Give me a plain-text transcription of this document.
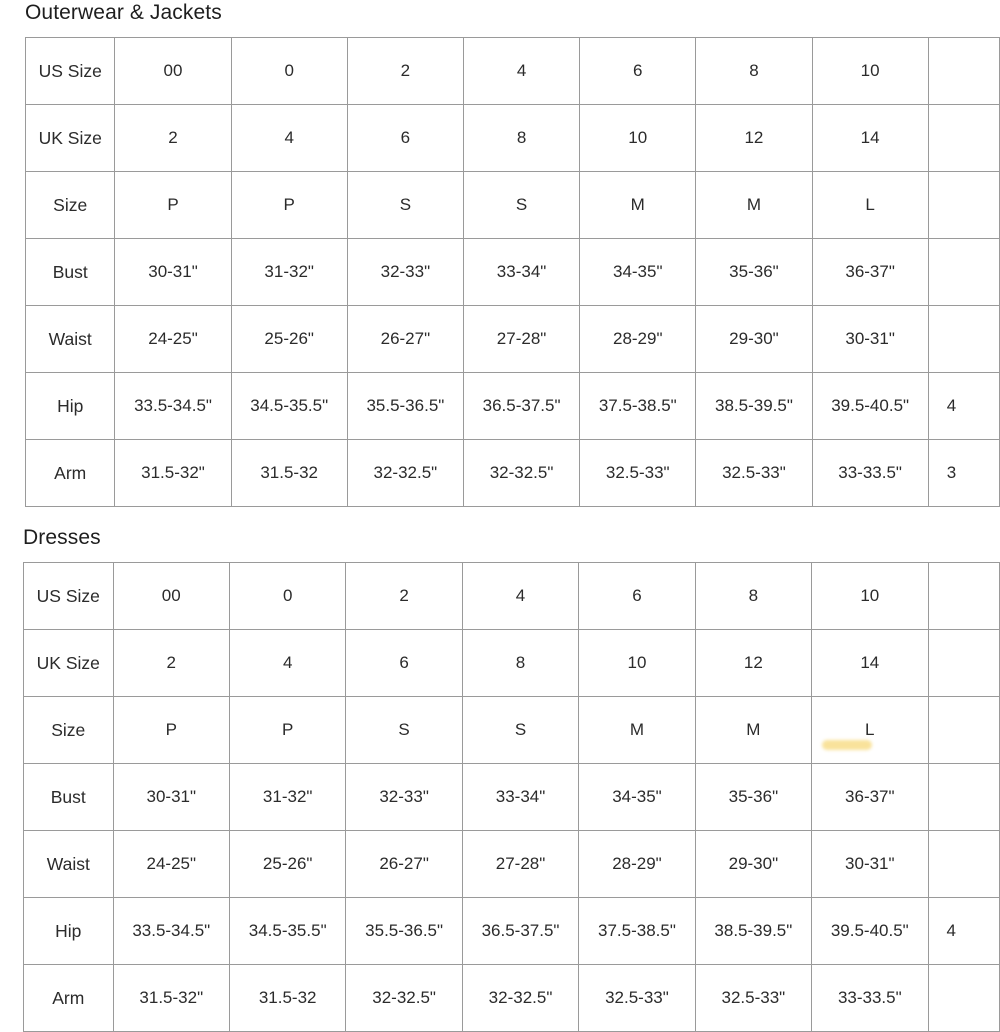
Outerwear & Jackets
US Size	00	0	2	4	6	8	10	
UK Size	2	4	6	8	10	12	14	
Size	P	P	S	S	M	M	L	
Bust	30-31"	31-32"	32-33"	33-34"	34-35"	35-36"	36-37"	
Waist	24-25"	25-26"	26-27"	27-28"	28-29"	29-30"	30-31"	
Hip	33.5-34.5"	34.5-35.5"	35.5-36.5"	36.5-37.5"	37.5-38.5"	38.5-39.5"	39.5-40.5"	4
Arm	31.5-32"	31.5-32	32-32.5"	32-32.5"	32.5-33"	32.5-33"	33-33.5"	3
Dresses
US Size	00	0	2	4	6	8	10	
UK Size	2	4	6	8	10	12	14	
Size	P	P	S	S	M	M	L

Bust	30-31"	31-32"	32-33"	33-34"	34-35"	35-36"	36-37"	
Waist	24-25"	25-26"	26-27"	27-28"	28-29"	29-30"	30-31"	
Hip	33.5-34.5"	34.5-35.5"	35.5-36.5"	36.5-37.5"	37.5-38.5"	38.5-39.5"	39.5-40.5"	4
Arm	31.5-32"	31.5-32	32-32.5"	32-32.5"	32.5-33"	32.5-33"	33-33.5"	
